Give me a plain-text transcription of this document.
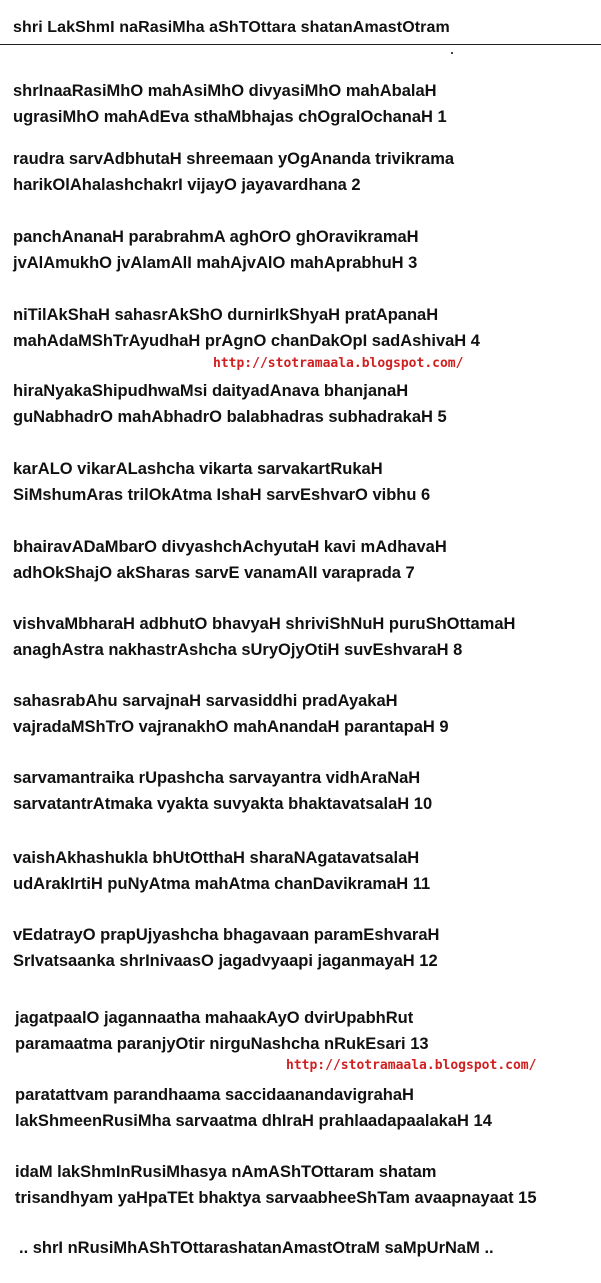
shri LakShmI naRasiMha aShTOttara shatanAmastOtram
shrInaaRasiMhO mahAsiMhO divyasiMhO mahAbalaH
ugrasiMhO mahAdEva sthaMbhajas chOgralOchanaH 1
raudra sarvAdbhutaH shreemaan yOgAnanda trivikrama
harikOlAhalashchakrI vijayO jayavardhana 2
panchAnanaH parabrahmA aghOrO ghOravikramaH
jvAlAmukhO jvAlamAlI mahAjvAlO mahAprabhuH 3
niTilAkShaH sahasrAkShO durnirIkShyaH pratApanaH
mahAdaMShTrAyudhaH prAgnO chanDakOpI sadAshivaH 4
http://stotramaala.blogspot.com/
hiraNyakaShipudhwaMsi daityadAnava bhanjanaH
guNabhadrO mahAbhadrO balabhadras subhadrakaH 5
karALO vikarALashcha vikarta sarvakartRukaH
SiMshumAras trilOkAtma IshaH sarvEshvarO vibhu 6
bhairavADaMbarO divyashchAchyutaH kavi mAdhavaH
adhOkShajO akSharas sarvE vanamAlI varaprada 7
vishvaMbharaH adbhutO bhavyaH shriviShNuH puruShOttamaH
anaghAstra nakhastrAshcha sUryOjyOtiH suvEshvaraH 8
sahasrabAhu sarvajnaH sarvasiddhi pradAyakaH
vajradaMShTrO vajranakhO mahAnandaH parantapaH 9
sarvamantraika rUpashcha sarvayantra vidhAraNaH
sarvatantrAtmaka vyakta suvyakta bhaktavatsalaH 10
vaishAkhashukla bhUtOtthaH sharaNAgatavatsalaH
udArakIrtiH puNyAtma mahAtma chanDavikramaH 11
vEdatrayO prapUjyashcha bhagavaan paramEshvaraH
SrIvatsaanka shrInivaasO jagadvyaapi jaganmayaH 12
jagatpaalO jagannaatha mahaakAyO dvirUpabhRut
paramaatma paranjyOtir nirguNashcha nRukEsari 13
http://stotramaala.blogspot.com/
paratattvam parandhaama saccidaanandavigrahaH
lakShmeenRusiMha sarvaatma dhIraH prahlaadapaalakaH 14
idaM lakShmInRusiMhasya nAmAShTOttaram shatam
trisandhyam yaHpaTEt bhaktya sarvaabheeShTam avaapnayaat 15
.. shrI nRusiMhAShTOttarashatanAmastOtraM saMpUrNaM ..
